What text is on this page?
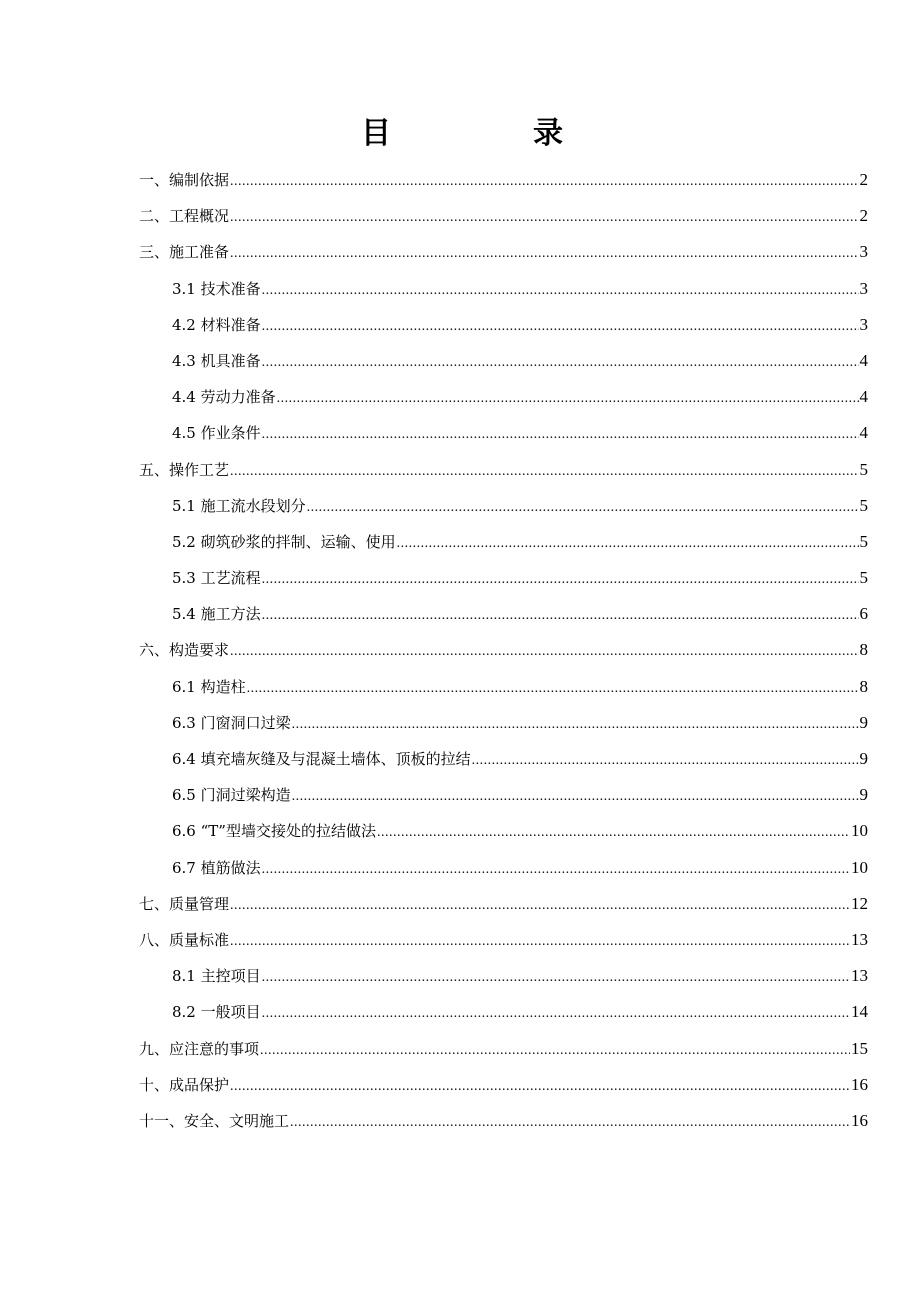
目　录
一、编制依据 .....	2
二、工程概况 .....	2
三、施工准备 .....	3
3.1 技术准备 .....	3
4.2 材料准备 .....	3
4.3 机具准备 .....	4
4.4 劳动力准备 .....	4
4.5 作业条件 .....	4
五、操作工艺 .....	5
5.1 施工流水段划分 .....	5
5.2 砌筑砂浆的拌制、运输、使用 .....	5
5.3 工艺流程 .....	5
5.4 施工方法 .....	6
六、构造要求 .....	8
6.1 构造柱 .....	8
6.3 门窗洞口过梁 .....	9
6.4 填充墙灰缝及与混凝土墙体、顶板的拉结 .....	9
6.5 门洞过梁构造 .....	9
6.6 “T”型墙交接处的拉结做法 .....	10
6.7 植筋做法 .....	10
七、质量管理 .....	12
八、质量标准 .....	13
8.1 主控项目 .....	13
8.2 一般项目 .....	14
九、应注意的事项 .....	15
十、成品保护 .....	16
十一、安全、文明施工 .....	16
